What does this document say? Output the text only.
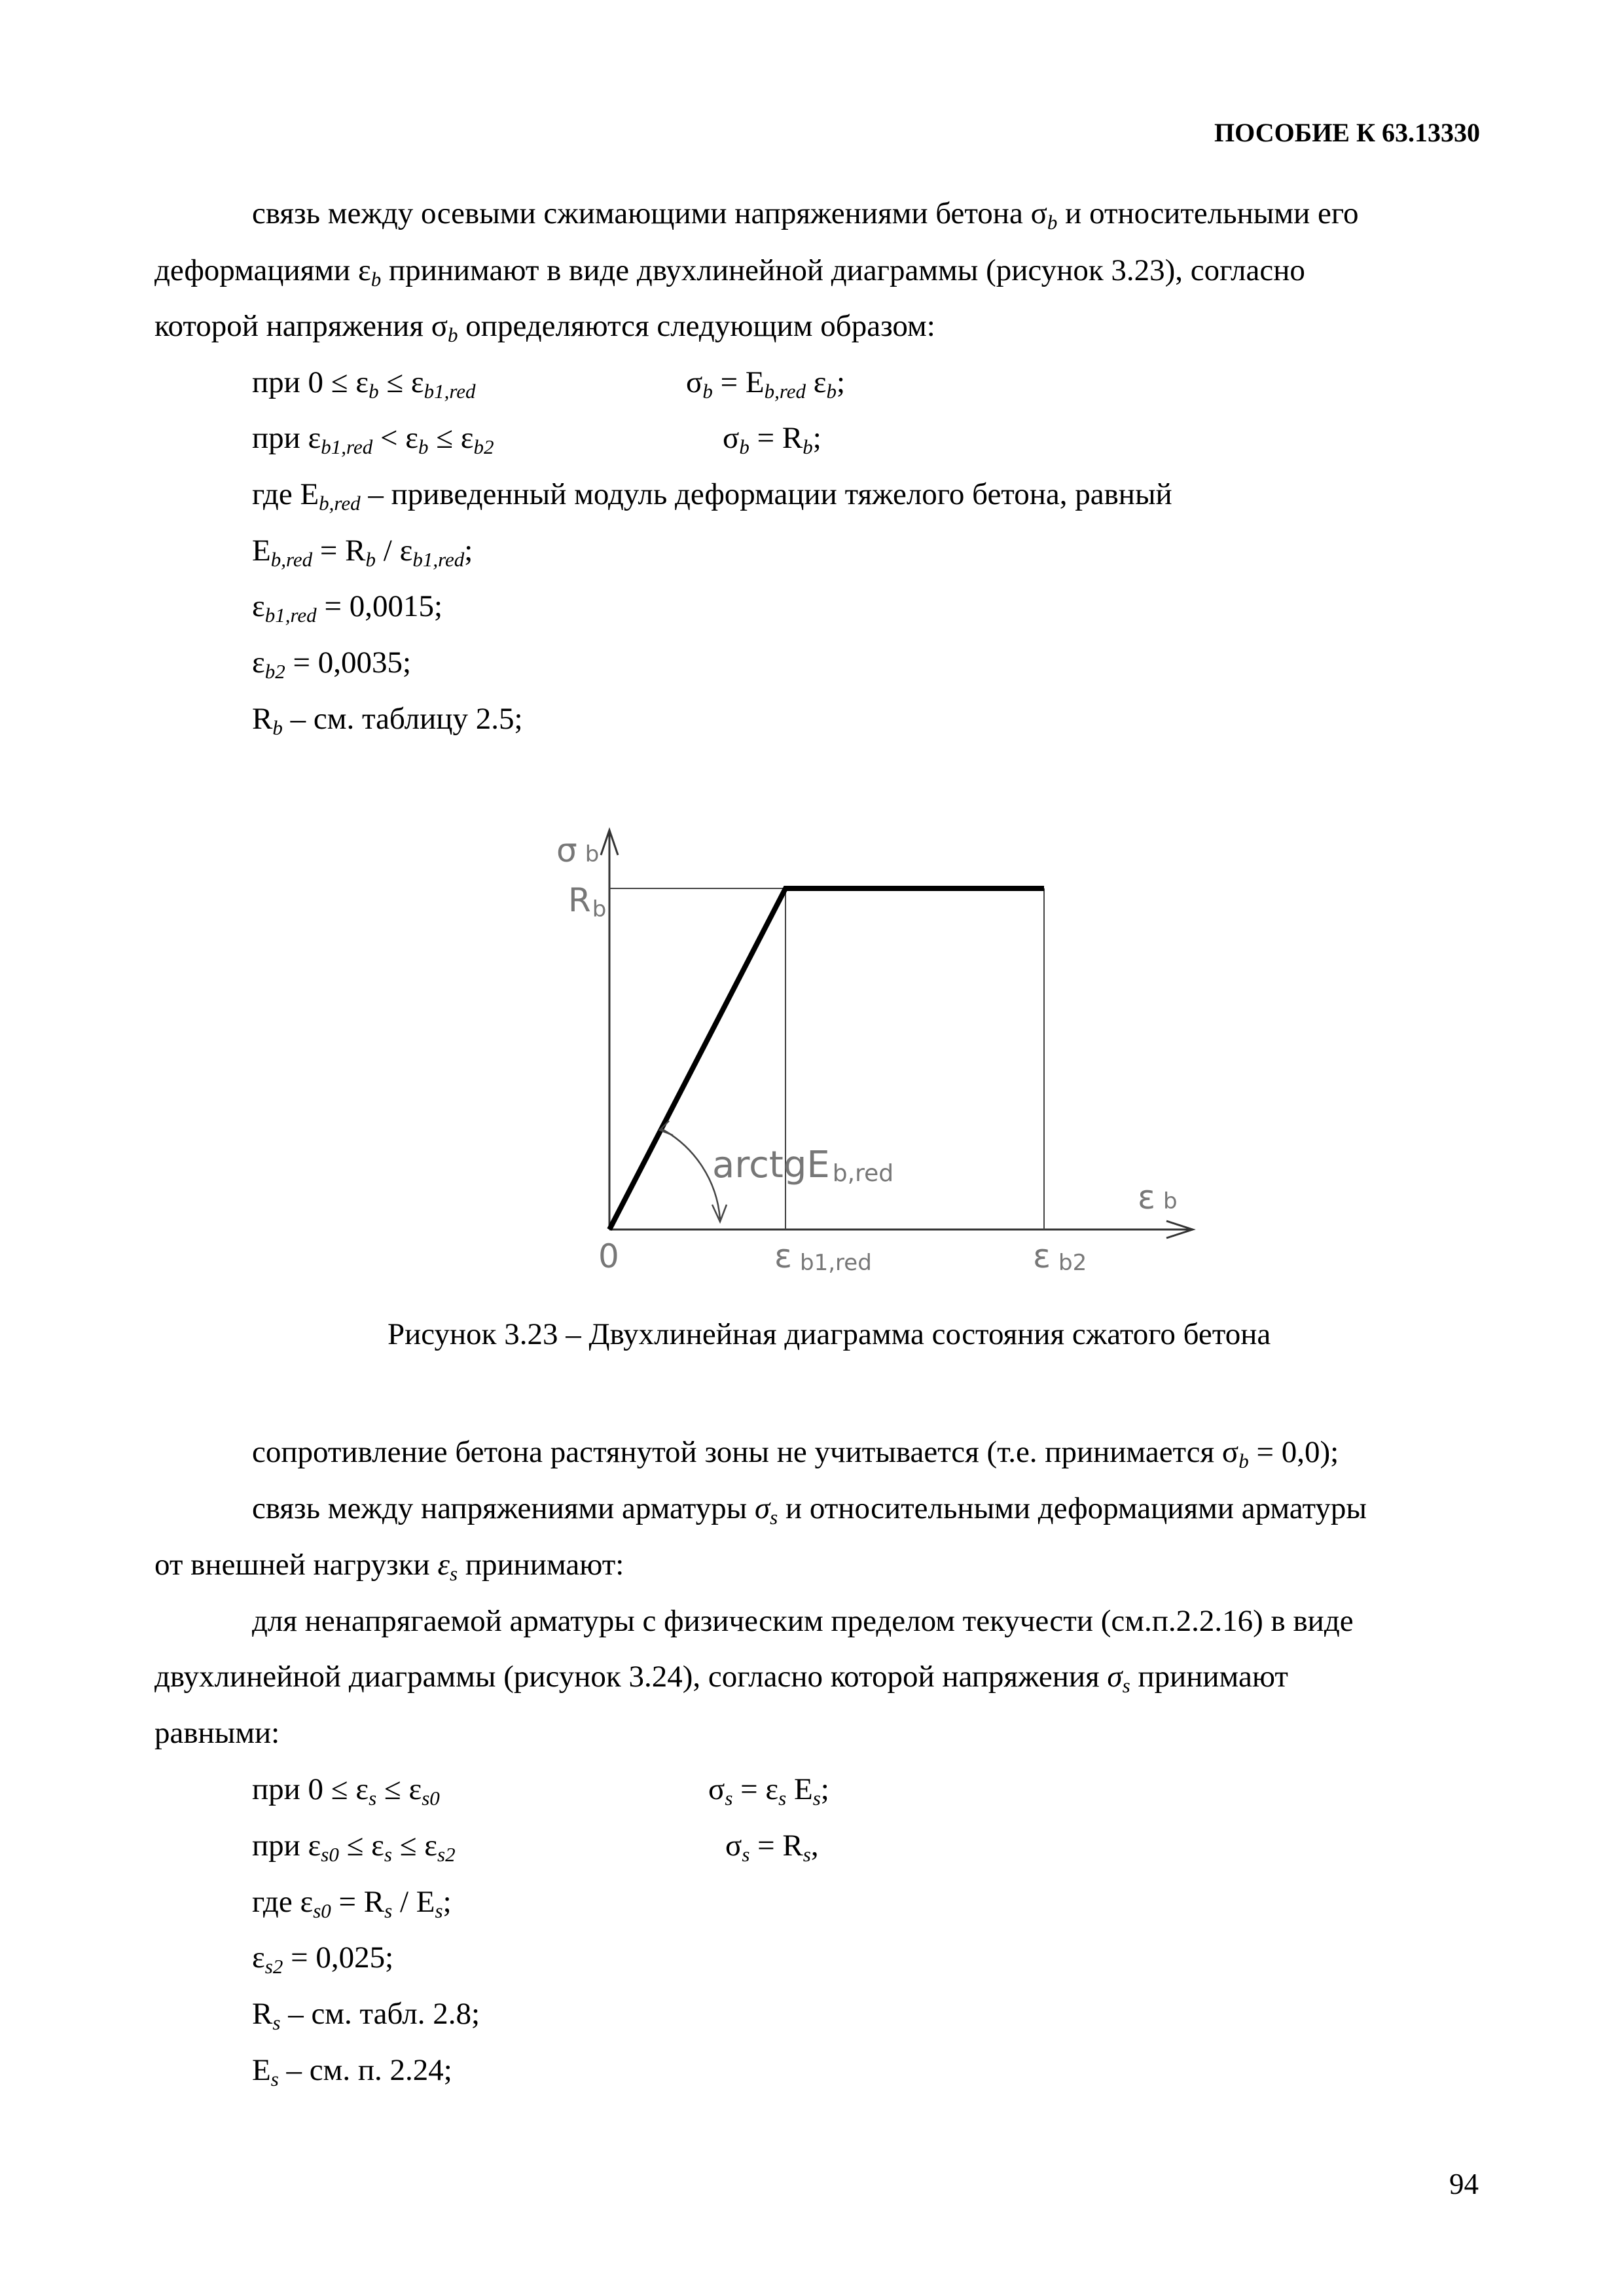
ПОСОБИЕ К 63.13330
связь между осевыми сжимающими напряжениями бетона $\sigma_b$ и относительными его
деформациями $\varepsilon_b$ принимают в виде двухлинейной диаграммы (рисунок 3.23), согласно
которой напряжения $\sigma_b$ определяются следующим образом:
при $0 \le \varepsilon_b \le \varepsilon_{b1,red}$	$\sigma_b = E_{b,red}$ $\varepsilon_b$;
при $\varepsilon_{b1,red} < \varepsilon_b \le \varepsilon_{b2}$	$\sigma_b = R_b$;
где $E_{b,red}$ – приведенный модуль деформации тяжелого бетона, равный
$E_{b,red} = R_b / \varepsilon_{b1,red}$;
$\varepsilon_{b1,red} = 0,0015$;
$\varepsilon_{b2} = 0,0035$;
$R_b$ – см. таблицу 2.5;
σ b
Rb
ε b
0	ε b1,red	ε b2
arctgE b,red
Рисунок 3.23 – Двухлинейная диаграмма состояния сжатого бетона
сопротивление бетона растянутой зоны не учитывается (т.е. принимается $\sigma_b = 0,0$);
связь между напряжениями арматуры $\sigma_s$ и относительными деформациями арматуры
от внешней нагрузки $\varepsilon_s$ принимают:
для ненапрягаемой арматуры с физическим пределом текучести (см.п.2.2.16) в виде
двухлинейной диаграммы (рисунок 3.24), согласно которой напряжения $\sigma_s$ принимают
равными:
при $0 \le \varepsilon_s \le \varepsilon_{s0}$	$\sigma_s = \varepsilon_s$ $E_s$;
при $\varepsilon_{s0} \le \varepsilon_s \le \varepsilon_{s2}$	$\sigma_s = R_s$,
где $\varepsilon_{s0} = R_s / E_s$;
$\varepsilon_{s2} = 0,025$;
$R_s$ – см. табл. 2.8;
$E_s$ – см. п. 2.24;
94
